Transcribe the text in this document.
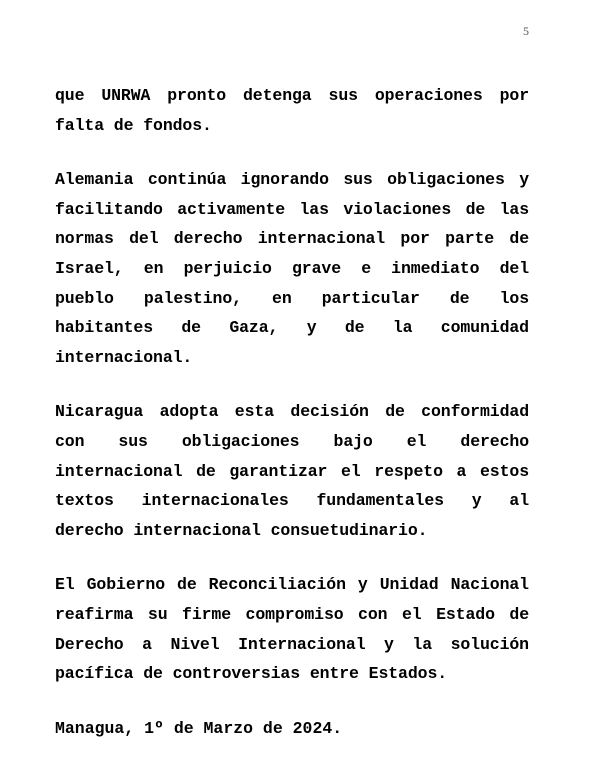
5

que UNRWA pronto detenga sus operaciones por falta de fondos.

Alemania continúa ignorando sus obligaciones y facilitando activamente las violaciones de las normas del derecho internacional por parte de Israel, en perjuicio grave e inmediato del pueblo palestino, en particular de los habitantes de Gaza, y de la comunidad internacional.

Nicaragua adopta esta decisión de conformidad con sus obligaciones bajo el derecho internacional de garantizar el respeto a estos textos internacionales fundamentales y al derecho internacional consuetudinario.

El Gobierno de Reconciliación y Unidad Nacional reafirma su firme compromiso con el Estado de Derecho a Nivel Internacional y la solución pacífica de controversias entre Estados.

Managua, 1º de Marzo de 2024.
